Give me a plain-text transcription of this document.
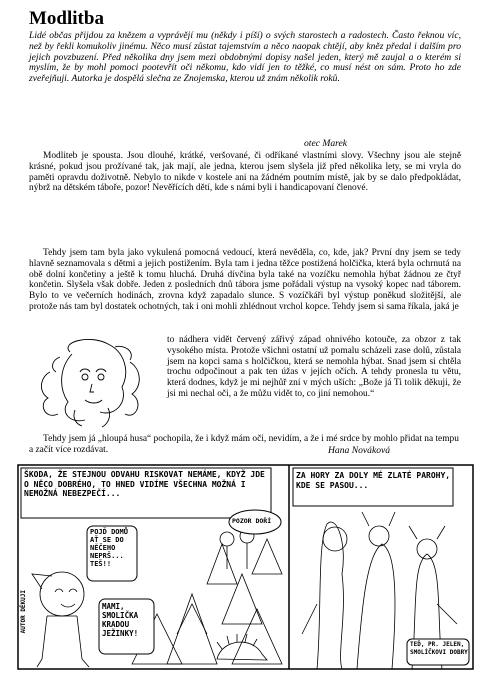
Modlitba
Lidé občas přijdou za knězem a vyprávějí mu (někdy i píší) o svých starostech a radostech. Často řeknou víc, než by řekli komukoliv jinému. Něco musí zůstat tajemstvím a něco naopak chtějí, aby kněz předal i dalším pro jejich povzbuzení. Před několika dny jsem mezi obdobnými dopisy našel jeden, který mě zaujal a o kterém si myslím, že by mohl pomoci pootevřít oči někomu, kdo vidí jen to těžké, co musí nést on sám. Proto ho zde zveřejňuji. Autorka je dospělá slečna ze Znojemska, kterou už znám několik roků.
otec Marek
Modliteb je spousta. Jsou dlouhé, krátké, veršované, či odříkané vlastními slovy. Všechny jsou ale stejně krásné, pokud jsou prožívané tak, jak mají, ale jedna, kterou jsem slyšela již před několika lety, se mi vryla do paměti opravdu doživotně. Nebylo to nikde v kostele ani na žádném poutním místě, jak by se dalo předpokládat, nýbrž na dětském táboře, pozor! Nevěřících dětí, kde s námi byli i handicapovaní členové.
Tehdy jsem tam byla jako vykulená pomocná vedoucí, která nevěděla, co, kde, jak? První dny jsem se tedy hlavně seznamovala s dětmi a jejich postižením. Byla tam i jedna těžce postižená holčička, která byla ochrnutá na obě dolní končetiny a ještě k tomu hluchá. Druhá dívčina byla také na vozíčku nemohla hýbat žádnou ze čtyř končetin. Slyšela však dobře. Jeden z posledních dnů tábora jsme pořádali výstup na vysoký kopec nad táborem. Bylo to ve večerních hodinách, zrovna když zapadalo slunce. S vozíčkáři byl výstup poněkud složitější, ale protože nás tam byl dostatek ochotných, tak i oni mohli zhlédnout vrchol kopce. Tehdy jsem si sama říkala, jaká je
to nádhera vidět červený zářivý západ ohnivého kotouče, za obzor z tak vysokého místa. Protože všichni ostatní už pomalu scházeli zase dolů, zůstala jsem na kopci sama s holčičkou, která se nemohla hýbat. Snad jsem si chtěla trochu odpočinout a pak ten úžas v jejích očích. A tehdy pronesla tu větu, která dodnes, když je mi nejhůř zní v mých uších: „Bože já Ti tolik děkuji, že jsi mi nechal oči, a že můžu vidět to, co jiní nemohou.“
Tehdy jsem já „hloupá husa“ pochopila, že i když mám oči, nevidím, a že i mé srdce by mohlo přidat na tempu a začít více rozdávat.	Hana Nováková
ŠKODA, ŽE STEJNOU ODVAHU RISKOVAT NEMÁME, KDYŽ JDE O NĚCO DOBRÉHO, TO HNED VIDÍME VŠECHNA MOŽNÁ I NEMOŽNÁ NEBEZPEČÍ...
POJĎ DOMŮ AŤ SE DO NĚČEHO NEPRŠ... TEŠ!!
POZOR DOŘÍ
MAMI, SMOLIČKA KRADOU JEŽINKY!
ZA HORY ZA DOLY MÉ ZLATÉ PAROHY, KDE SE PASOU...
TEĎ, PR. JELEN, SMOLÍČKOVI DOBRY
AUTOR DĚKUJI
